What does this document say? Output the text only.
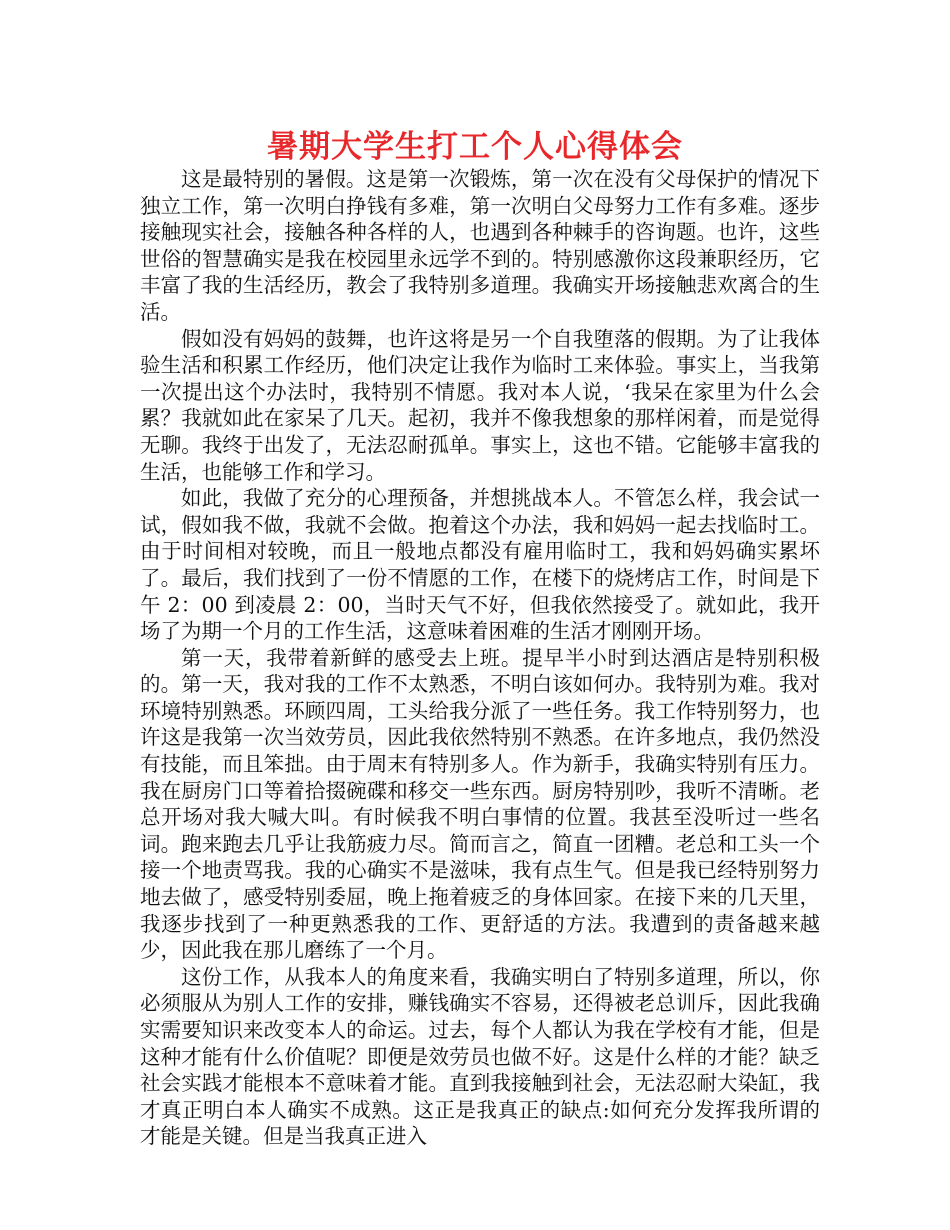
暑期大学生打工个人心得体会

这是最特别的暑假。这是第一次锻炼，第一次在没有父母保护的情况下独立工作，第一次明白挣钱有多难，第一次明白父母努力工作有多难。逐步接触现实社会，接触各种各样的人，也遇到各种棘手的咨询题。也许，这些世俗的智慧确实是我在校园里永远学不到的。特别感激你这段兼职经历，它丰富了我的生活经历，教会了我特别多道理。我确实开场接触悲欢离合的生活。

假如没有妈妈的鼓舞，也许这将是另一个自我堕落的假期。为了让我体验生活和积累工作经历，他们决定让我作为临时工来体验。事实上，当我第一次提出这个办法时，我特别不情愿。我对本人说，‘我呆在家里为什么会累？我就如此在家呆了几天。起初，我并不像我想象的那样闲着，而是觉得无聊。我终于出发了，无法忍耐孤单。事实上，这也不错。它能够丰富我的生活，也能够工作和学习。

如此，我做了充分的心理预备，并想挑战本人。不管怎么样，我会试一试，假如我不做，我就不会做。抱着这个办法，我和妈妈一起去找临时工。由于时间相对较晚，而且一般地点都没有雇用临时工，我和妈妈确实累坏了。最后，我们找到了一份不情愿的工作，在楼下的烧烤店工作，时间是下午 2：00 到凌晨 2：00，当时天气不好，但我依然接受了。就如此，我开场了为期一个月的工作生活，这意味着困难的生活才刚刚开场。

第一天，我带着新鲜的感受去上班。提早半小时到达酒店是特别积极的。第一天，我对我的工作不太熟悉，不明白该如何办。我特别为难。我对环境特别熟悉。环顾四周，工头给我分派了一些任务。我工作特别努力，也许这是我第一次当效劳员，因此我依然特别不熟悉。在许多地点，我仍然没有技能，而且笨拙。由于周末有特别多人。作为新手，我确实特别有压力。我在厨房门口等着拾掇碗碟和移交一些东西。厨房特别吵，我听不清晰。老总开场对我大喊大叫。有时候我不明白事情的位置。我甚至没听过一些名词。跑来跑去几乎让我筋疲力尽。简而言之，简直一团糟。老总和工头一个接一个地责骂我。我的心确实不是滋味，我有点生气。但是我已经特别努力地去做了，感受特别委屈，晚上拖着疲乏的身体回家。在接下来的几天里，我逐步找到了一种更熟悉我的工作、更舒适的方法。我遭到的责备越来越少，因此我在那儿磨练了一个月。

这份工作，从我本人的角度来看，我确实明白了特别多道理，所以，你必须服从为别人工作的安排，赚钱确实不容易，还得被老总训斥，因此我确实需要知识来改变本人的命运。过去，每个人都认为我在学校有才能，但是这种才能有什么价值呢？即便是效劳员也做不好。这是什么样的才能？缺乏社会实践才能根本不意味着才能。直到我接触到社会，无法忍耐大染缸，我才真正明白本人确实不成熟。这正是我真正的缺点:如何充分发挥我所谓的才能是关键。但是当我真正进入
